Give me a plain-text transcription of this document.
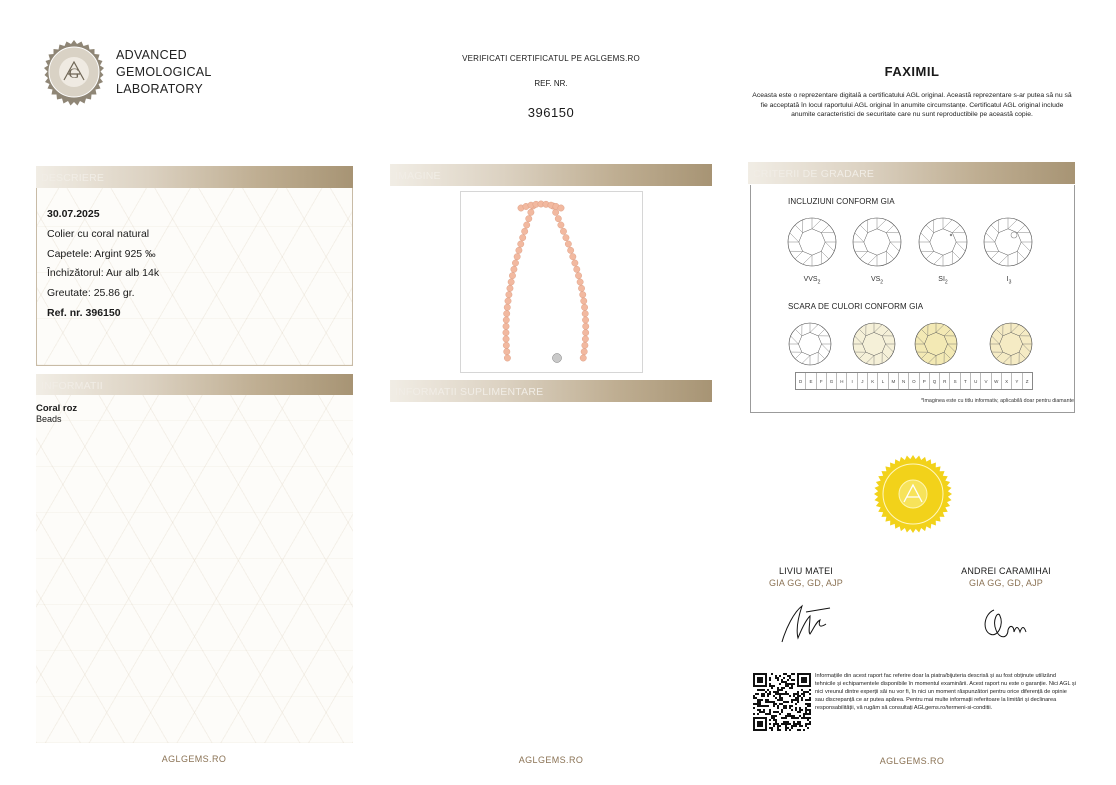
G
ADVANCED
GEMOLOGICAL
LABORATORY
VERIFICATI CERTIFICATUL PE AGLGEMS.RO
REF. NR.
396150
FAXIMIL
Aceasta este o reprezentare digitală a certificatului AGL original. Această reprezentare s-ar putea să nu să fie acceptată în locul raportului AGL original în anumite circumstanțe. Certificatul AGL original include anumite caracteristici de securitate care nu sunt reproductibile pe această copie.
DESCRIERE
30.07.2025
Colier cu coral natural
Capetele: Argint 925 ‰
Închizătorul: Aur alb 14k
Greutate: 25.86 gr.
Ref. nr. 396150
INFORMATII
Coral roz
Beads
IMAGINE
INFORMATII SUPLIMENTARE
CRITERII DE GRADARE
INCLUZIUNI CONFORM GIA
$VVS_2$	$VS_2$	$SI_2$	$I_3$
SCARA DE CULORI CONFORM GIA
D	E	F	G	H	I	J	K	L	M	N	O	P	Q	R	S	T	U	V	W	X	Y	Z
*Imaginea este cu titlu informativ, aplicabilă doar pentru diamante
LIVIU MATEI
GIA GG, GD, AJP
ANDREI CARAMIHAI
GIA GG, GD, AJP
Informațiile din acest raport fac referire doar la piatra/bijuteria descrisă și au fost obținute utilizând tehnicile și echipamentele disponibile în momentul examinării. Acest raport nu este o garanție. Nici AGL și nici vreunul dintre experții săi nu vor fi, în nici un moment răspunzători pentru orice diferență de opinie sau discrepanță ce ar putea apărea. Pentru mai multe informații referitoare la limitări și declinarea responsabilității, vă rugăm să consultați AGLgems.ro/termeni-si-conditii.
AGLGEMS.RO	AGLGEMS.RO	AGLGEMS.RO
